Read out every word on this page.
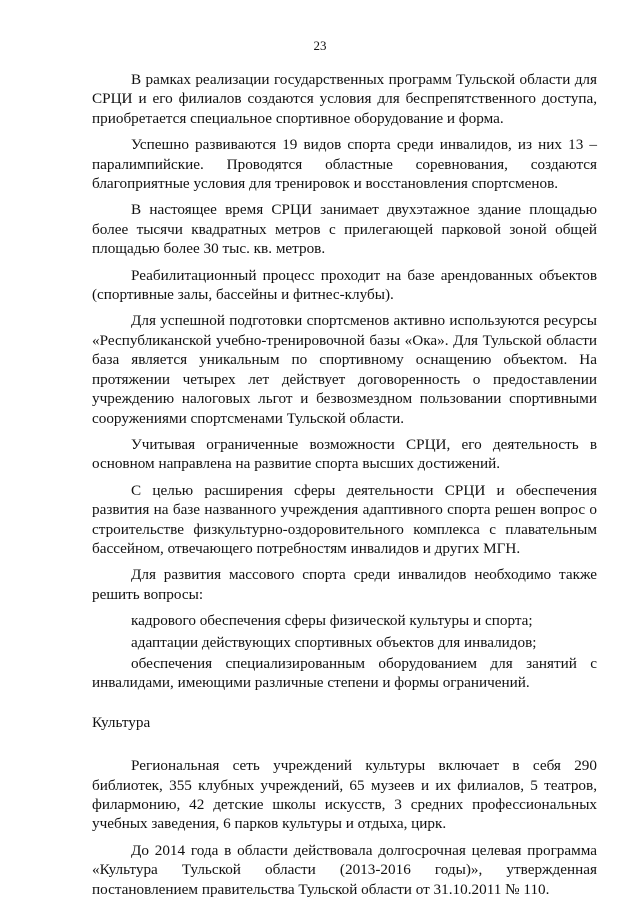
23

В рамках реализации государственных программ Тульской области для СРЦИ и его филиалов создаются условия для беспрепятственного доступа, приобретается специальное спортивное оборудование и форма.

Успешно развиваются 19 видов спорта среди инвалидов, из них 13 – паралимпийские. Проводятся областные соревнования, создаются благоприятные условия для тренировок и восстановления спортсменов.

В настоящее время СРЦИ занимает двухэтажное здание площадью более тысячи квадратных метров с прилегающей парковой зоной общей площадью более 30 тыс. кв. метров.

Реабилитационный процесс проходит на базе арендованных объектов (спортивные залы, бассейны и фитнес-клубы).

Для успешной подготовки спортсменов активно используются ресурсы «Республиканской учебно-тренировочной базы «Ока». Для Тульской области база является уникальным по спортивному оснащению объектом. На протяжении четырех лет действует договоренность о предоставлении учреждению налоговых льгот и безвозмездном пользовании спортивными сооружениями спортсменами Тульской области.

Учитывая ограниченные возможности СРЦИ, его деятельность в основном направлена на развитие спорта высших достижений.

С целью расширения сферы деятельности СРЦИ и обеспечения развития на базе названного учреждения адаптивного спорта решен вопрос о строительстве физкультурно-оздоровительного комплекса с плавательным бассейном, отвечающего потребностям инвалидов и других МГН.

Для развития массового спорта среди инвалидов необходимо также решить вопросы:

кадрового обеспечения сферы физической культуры и спорта;

адаптации действующих спортивных объектов для инвалидов;

обеспечения специализированным оборудованием для занятий с инвалидами, имеющими различные степени и формы ограничений.

Культура

Региональная сеть учреждений культуры включает в себя 290 библиотек, 355 клубных учреждений, 65 музеев и их филиалов, 5 театров, филармонию, 42 детские школы искусств, 3 средних профессиональных учебных заведения, 6 парков культуры и отдыха, цирк.

До 2014 года в области действовала долгосрочная целевая программа «Культура Тульской области (2013-2016 годы)», утвержденная постановлением правительства Тульской области от 31.10.2011 № 110.
